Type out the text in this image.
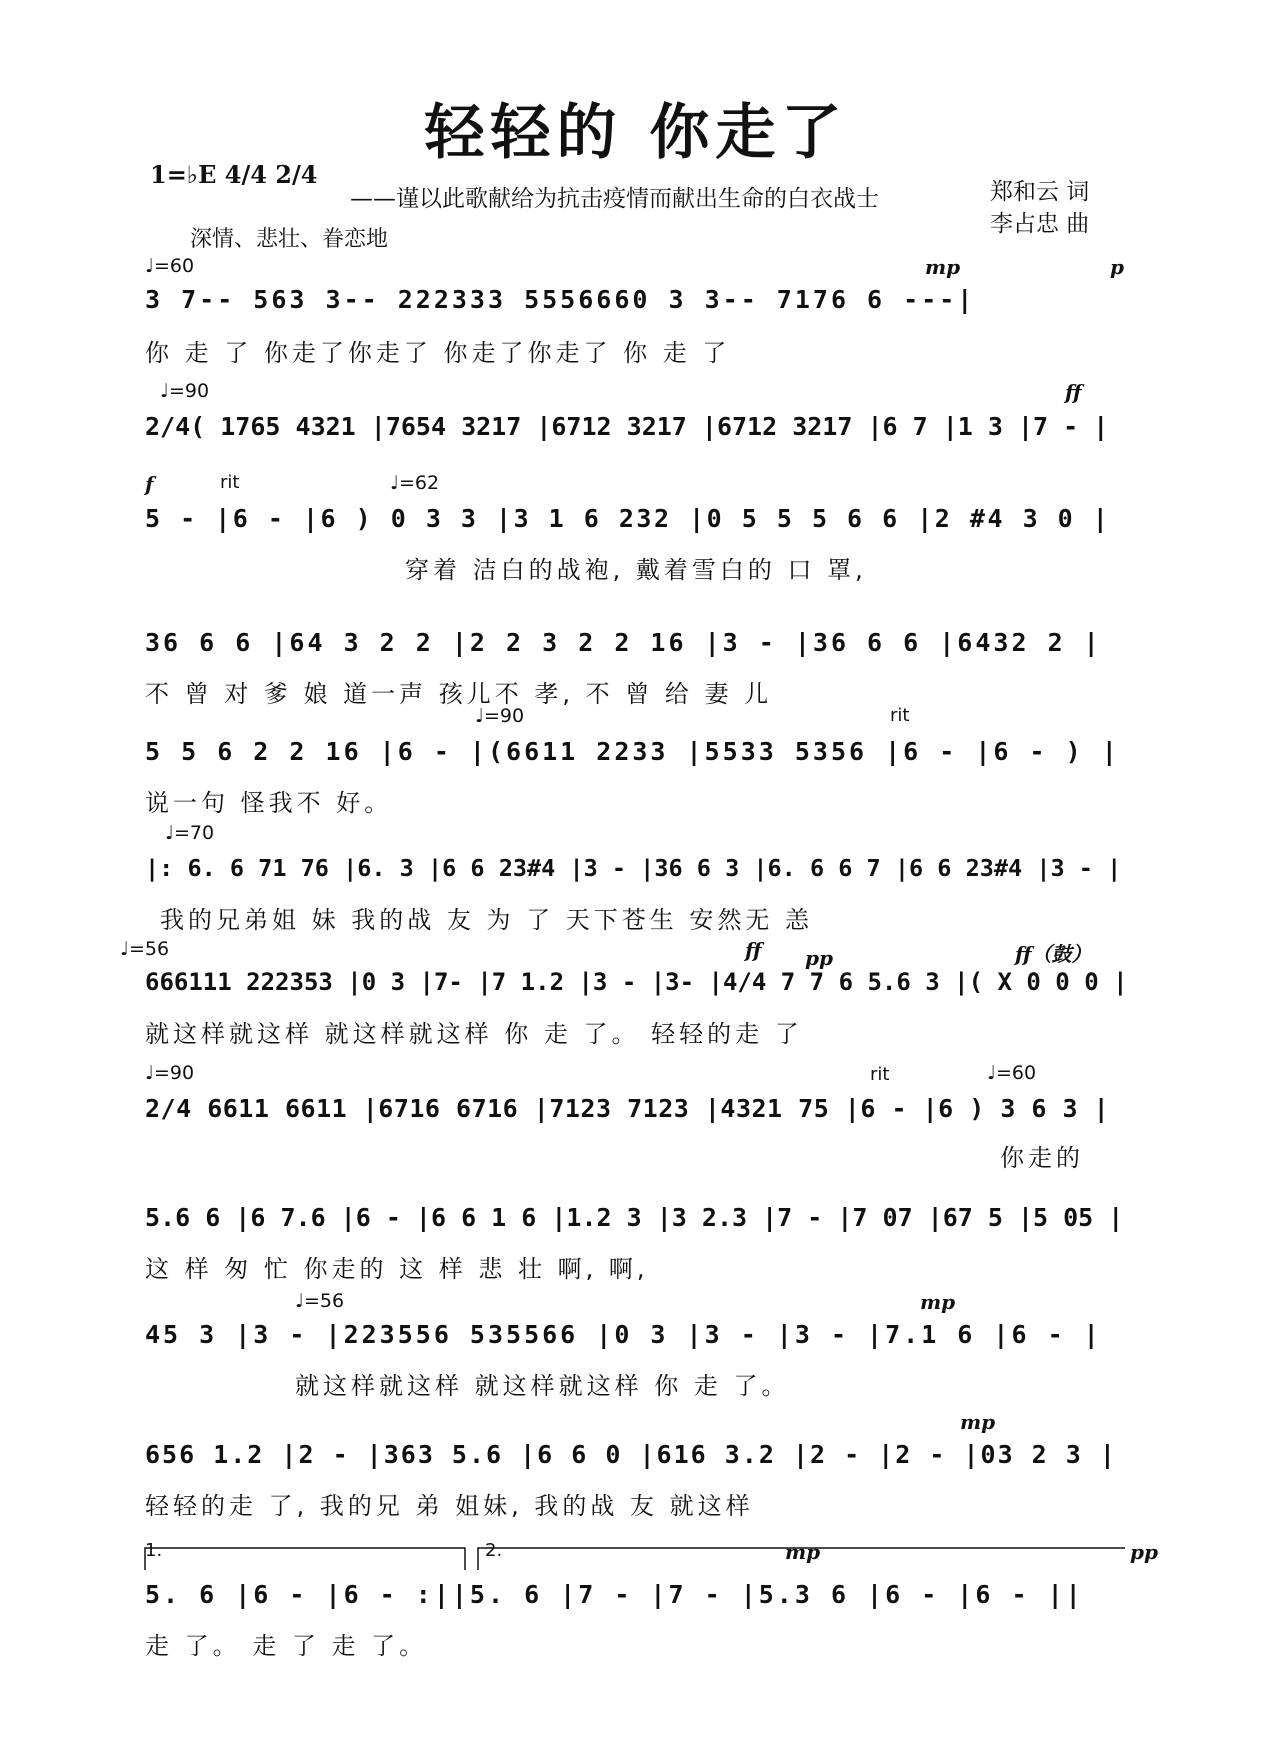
轻轻的 你走了
1=♭E 4/4 2/4
——谨以此歌献给为抗击疫情而献出生命的白衣战士	郑和云 词
李占忠 曲
深情、悲壮、眷恋地
♩=60	mp	p
3 7-- 563 3-- 222333 5556660 3 3-- 7176 6 ---|
你 走 了 你走了你走了 你走了你走了 你 走 了
♩=90	ff
2/4( 1765 4321 |7654 3217 |6712 3217 |6712 3217 |6 7 |1 3 |7 - |
f	rit	♩=62
5 - |6 - |6 ) 0 3 3 |3 1 6 232 |0 5 5 5 6 6 |2 #4 3 0 |
穿着 洁白的战袍, 戴着雪白的 口 罩,
36 6 6 |64 3 2 2 |2 2 3 2 2 16 |3 - |36 6 6 |6432 2 |
不 曾 对 爹 娘 道一声 孩儿不 孝, 不 曾 给 妻 儿
♩=90	rit
5 5 6 2 2 16 |6 - |(6611 2233 |5533 5356 |6 - |6 - ) |
说一句 怪我不 好。
♩=70
|: 6. 6 71 76 |6. 3 |6 6 23#4 |3 - |36 6 3 |6. 6 6 7 |6 6 23#4 |3 - |
我的兄弟姐 妹 我的战 友 为 了 天下苍生 安然无 恙
♩=56	ff pp	ff（鼓）
666111 222353 |0 3 |7- |7 1.2 |3 - |3- |4/4 7 7 6 5.6 3 |( X 0 0 0 |
就这样就这样 就这样就这样 你 走 了。 轻轻的走 了
♩=90	rit	♩=60
2/4 6611 6611 |6716 6716 |7123 7123 |4321 75 |6 - |6 ) 3 6 3 |
你走的
5.6 6 |6 7.6 |6 - |6 6 1 6 |1.2 3 |3 2.3 |7 - |7 07 |67 5 |5 05 |
这 样 匆 忙 你走的 这 样 悲 壮 啊, 啊,
♩=56	mp
45 3 |3 - |223556 535566 |0 3 |3 - |3 - |7.1 6 |6 - |
就这样就这样 就这样就这样 你 走 了。
mp
656 1.2 |2 - |363 5.6 |6 6 0 |616 3.2 |2 - |2 - |03 2 3 |
轻轻的走 了, 我的兄 弟 姐妹, 我的战 友 就这样
1.	2.	mp	pp
5. 6 |6 - |6 - :||5. 6 |7 - |7 - |5.3 6 |6 - |6 - ||
走 了。 走 了 走 了。
